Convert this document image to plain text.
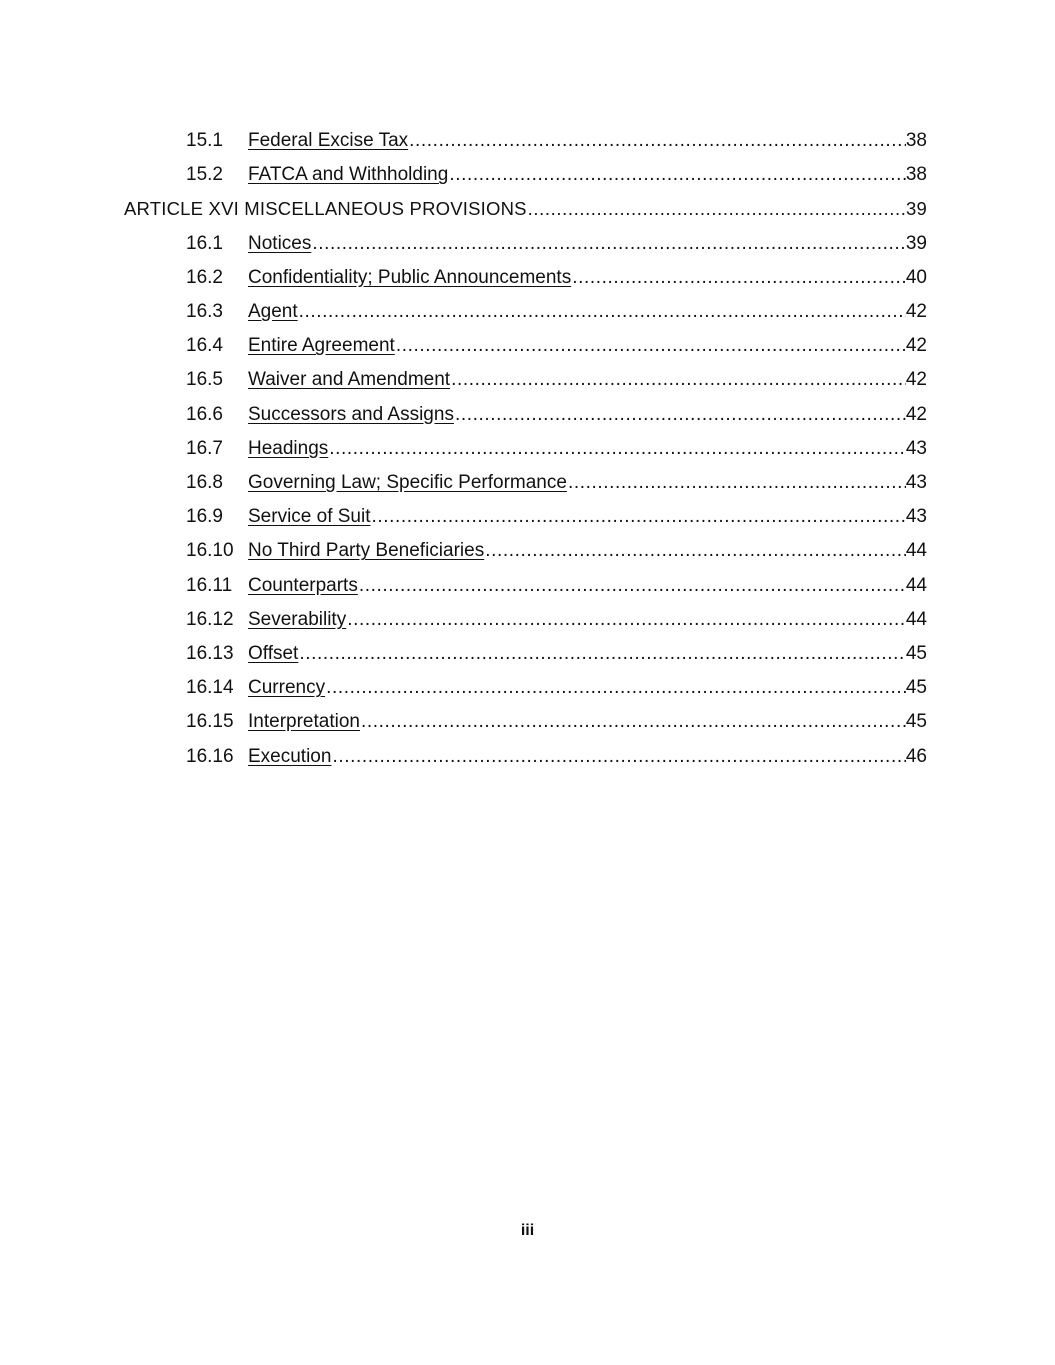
15.1	Federal Excise Tax .....	38
15.2	FATCA and Withholding .....	38
ARTICLE XVI MISCELLANEOUS PROVISIONS .....	39
16.1	Notices .....	39
16.2	Confidentiality; Public Announcements .....	40
16.3	Agent .....	42
16.4	Entire Agreement .....	42
16.5	Waiver and Amendment .....	42
16.6	Successors and Assigns .....	42
16.7	Headings .....	43
16.8	Governing Law; Specific Performance .....	43
16.9	Service of Suit .....	43
16.10 No Third Party Beneficiaries .....	44
16.11 Counterparts .....	44
16.12 Severability .....	44
16.13 Offset .....	45
16.14 Currency .....	45
16.15 Interpretation .....	45
16.16 Execution .....	46
iii
